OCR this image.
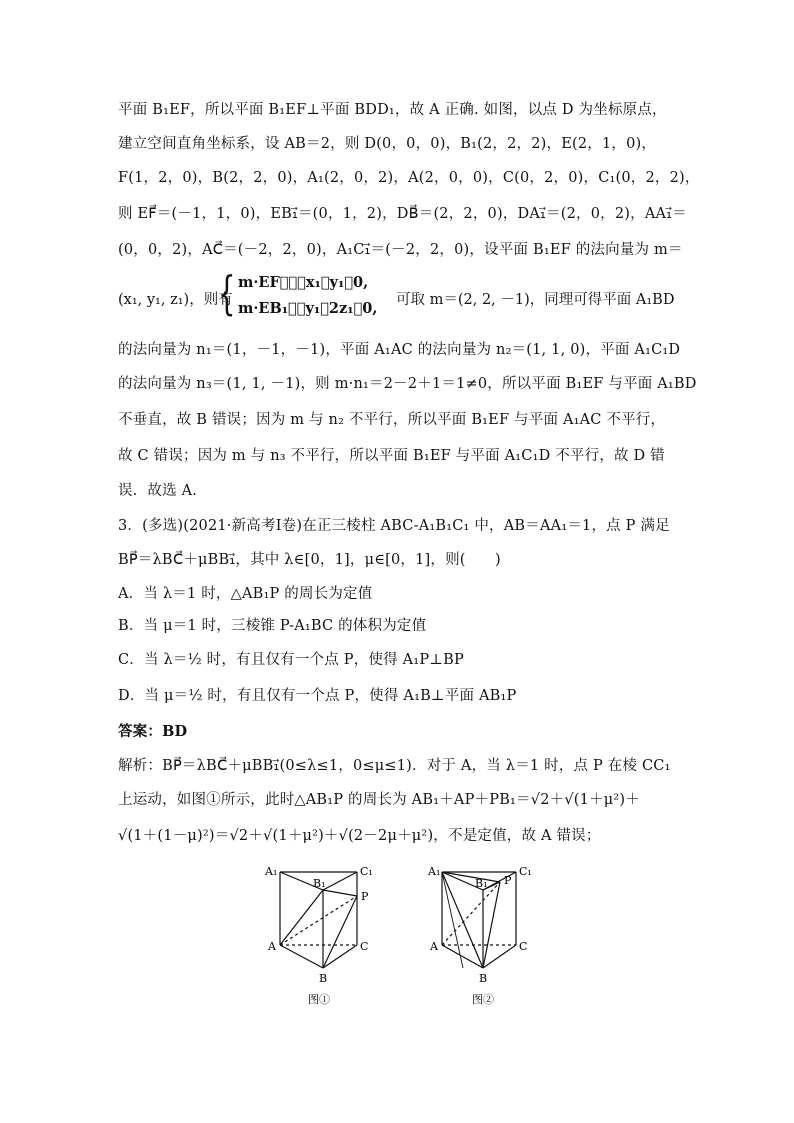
平面 B₁EF，所以平面 B₁EF⊥平面 BDD₁，故 A 正确. 如图，以点 D 为坐标原点，
建立空间直角坐标系，设 AB＝2，则 D(0，0，0)，B₁(2，2，2)，E(2，1，0)，
F(1，2，0)，B(2，2，0)，A₁(2，0，2)，A(2，0，0)，C(0，2，0)，C₁(0，2，2)，
则 EF⃗＝(－1，1，0)，EB₁⃗＝(0，1，2)，DB⃗＝(2，2，0)，DA₁⃗＝(2，0，2)，AA₁⃗＝
(0，0，2)，AC⃗＝(－2，2，0)，A₁C₁⃗＝(－2，2，0)，设平面 B₁EF 的法向量为 m＝
(x₁, y₁, z₁)，则有
{ m·EF⃗＝－x₁＋y₁＝0,
m·EB₁⃗＝y₁＋2z₁＝0, 可取 m＝(2, 2, －1)，同理可得平面 A₁BD
的法向量为 n₁＝(1，－1，－1)，平面 A₁AC 的法向量为 n₂＝(1, 1, 0)，平面 A₁C₁D
的法向量为 n₃＝(1, 1, －1)，则 m·n₁＝2－2＋1＝1≠0，所以平面 B₁EF 与平面 A₁BD
不垂直，故 B 错误；因为 m 与 n₂ 不平行，所以平面 B₁EF 与平面 A₁AC 不平行，
故 C 错误；因为 m 与 n₃ 不平行，所以平面 B₁EF 与平面 A₁C₁D 不平行，故 D 错
误．故选 A.
3．(多选)(2021·新高考Ⅰ卷)在正三棱柱 ABC-A₁B₁C₁ 中，AB＝AA₁＝1，点 P 满足
BP⃗＝λBC⃗＋μBB₁⃗，其中 λ∈[0，1]，μ∈[0，1]，则(　　)
A．当 λ＝1 时，△AB₁P 的周长为定值
B．当 μ＝1 时，三棱锥 P-A₁BC 的体积为定值
C．当 λ＝½ 时，有且仅有一个点 P，使得 A₁P⊥BP
D．当 μ＝½ 时，有且仅有一个点 P，使得 A₁B⊥平面 AB₁P
答案：BD
解析：BP⃗＝λBC⃗＋μBB₁⃗(0≤λ≤1，0≤μ≤1)．对于 A，当 λ＝1 时，点 P 在棱 CC₁
上运动，如图①所示，此时△AB₁P 的周长为 AB₁＋AP＋PB₁＝√2＋√(1＋μ²)＋
√(1＋(1－μ)²)＝√2＋√(1＋μ²)＋√(2－2μ＋μ²)，不是定值，故 A 错误；
A₁
B₁
C₁
P
A
B
C
图①
A₁
B₁
C₁
P
A
B
C
图②
